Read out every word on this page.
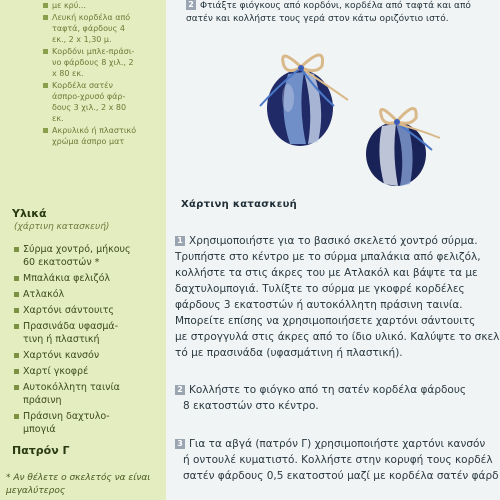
με κρύ...
Λευκή κορδέλα από ταφτά, φάρδους 4 εκ., 2 x 1,30 μ.
Κορδόνι μπλε-πράσι-νο φάρδους 8 χιλ., 2 x 80 εκ.
Κορδέλα σατέν άσπρο-χρυσό φάρ-δους 3 χιλ., 2 x 80 εκ.
Ακρυλικό ή πλαστικό χρώμα άσπρο ματ
Υλικά
(χάρτινη κατασκευή)
Σύρμα χοντρό, μήκους 60 εκατοστών *
Μπαλάκια φελιζόλ
Ατλακόλ
Χαρτόνι σάντουιτς
Πρασινάδα υφασμά-τινη ή πλαστική
Χαρτόνι κανσόν
Χαρτί γκοφρέ
Αυτοκόλλητη ταινία πράσινη
Πράσινη δαχτυλο-μπογιά
Πατρόν Γ
* Αν θέλετε ο σκελετός να είναι μεγαλύτερος
2 Φτιάξτε φιόγκους από κορδόνι, κορδέλα από ταφτά και από
σατέν και κολλήστε τους γερά στον κάτω οριζόντιο ιστό.
Χάρτινη κατασκευή

1 Χρησιμοποιήστε για το βασικό σκελετό χοντρό σύρμα.

Τρυπήστε στο κέντρο με το σύρμα μπαλάκια από φελιζόλ,

κολλήστε τα στις άκρες του με Ατλακόλ και βάψτε τα με

δαχτυλομπογιά. Τυλίξτε το σύρμα με γκοφρέ κορδέλες

φάρδους 3 εκατοστών ή αυτοκόλλητη πράσινη ταινία.

Μπορείτε επίσης να χρησιμοποιήσετε χαρτόνι σάντουιτς

με στρογγυλά στις άκρες από το ίδιο υλικό. Καλύψτε το σκελ

τό με πρασινάδα (υφασμάτινη ή πλαστική).

2 Κολλήστε το φιόγκο από τη σατέν κορδέλα φάρδους

8 εκατοστών στο κέντρο.

3 Για τα αβγά (πατρόν Γ) χρησιμοποιήστε χαρτόνι κανσόν

ή οντουλέ κυματιστό. Κολλήστε στην κορυφή τους κορδέλ

σατέν φάρδους 0,5 εκατοστού μαζί με κορδέλα σατέν φάρδ
